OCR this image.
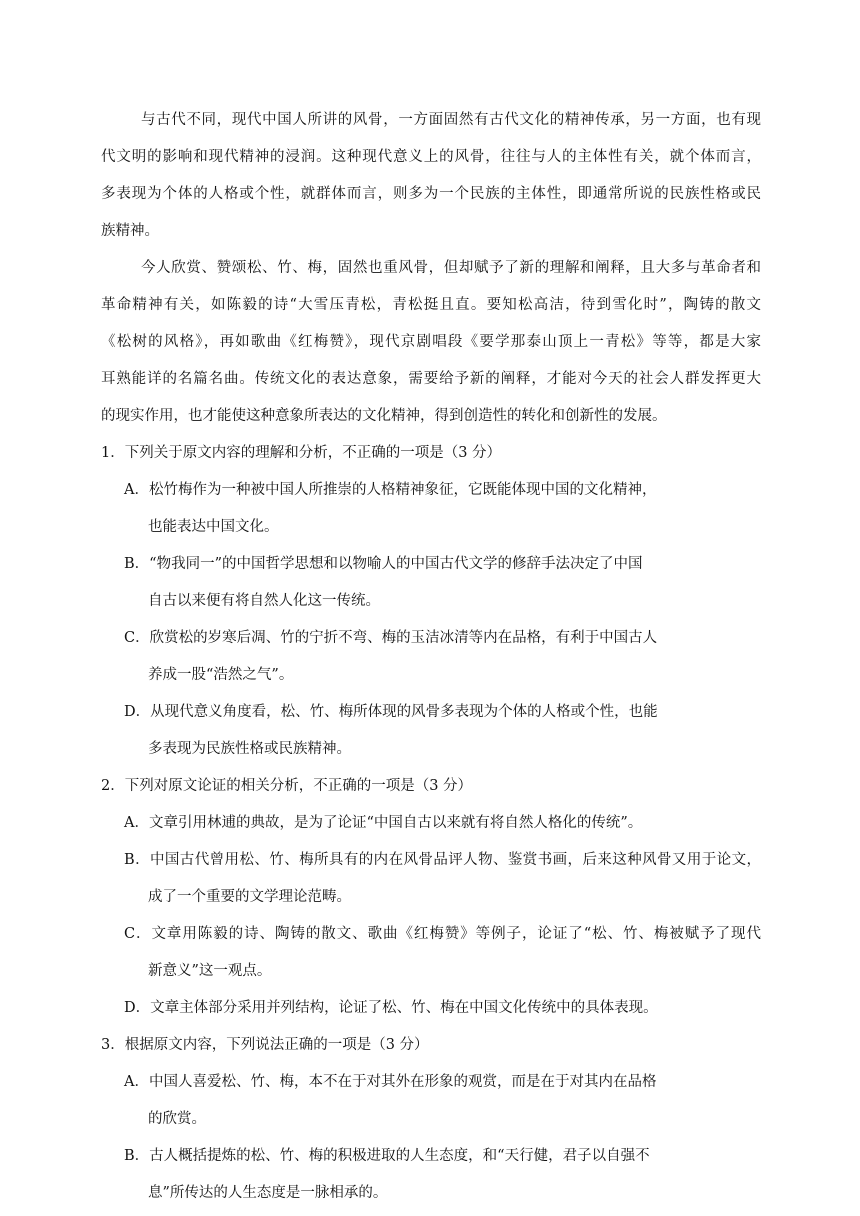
与古代不同，现代中国人所讲的风骨，一方面固然有古代文化的精神传承，另一方面，也有现
代文明的影响和现代精神的浸润。这种现代意义上的风骨，往往与人的主体性有关，就个体而言，
多表现为个体的人格或个性，就群体而言，则多为一个民族的主体性，即通常所说的民族性格或民
族精神。
今人欣赏、赞颂松、竹、梅，固然也重风骨，但却赋予了新的理解和阐释，且大多与革命者和
革命精神有关，如陈毅的诗“大雪压青松，青松挺且直。要知松高洁，待到雪化时”，陶铸的散文
《松树的风格》，再如歌曲《红梅赞》，现代京剧唱段《要学那泰山顶上一青松》等等，都是大家
耳熟能详的名篇名曲。传统文化的表达意象，需要给予新的阐释，才能对今天的社会人群发挥更大
的现实作用，也才能使这种意象所表达的文化精神，得到创造性的转化和创新性的发展。
1．下列关于原文内容的理解和分析，不正确的一项是（3 分）
A．松竹梅作为一种被中国人所推崇的人格精神象征，它既能体现中国的文化精神，
也能表达中国文化。
B．“物我同一”的中国哲学思想和以物喻人的中国古代文学的修辞手法决定了中国
自古以来便有将自然人化这一传统。
C．欣赏松的岁寒后凋、竹的宁折不弯、梅的玉洁冰清等内在品格，有利于中国古人
养成一股“浩然之气”。
D．从现代意义角度看，松、竹、梅所体现的风骨多表现为个体的人格或个性，也能
多表现为民族性格或民族精神。
2．下列对原文论证的相关分析，不正确的一项是（3 分）
A．文章引用林逋的典故，是为了论证“中国自古以来就有将自然人格化的传统”。
B．中国古代曾用松、竹、梅所具有的内在风骨品评人物、鉴赏书画，后来这种风骨又用于论文，
成了一个重要的文学理论范畴。
C．文章用陈毅的诗、陶铸的散文、歌曲《红梅赞》等例子，论证了“松、竹、梅被赋予了现代
新意义”这一观点。
D．文章主体部分采用并列结构，论证了松、竹、梅在中国文化传统中的具体表现。
3．根据原文内容，下列说法正确的一项是（3 分）
A．中国人喜爱松、竹、梅，本不在于对其外在形象的观赏，而是在于对其内在品格
的欣赏。
B．古人概括提炼的松、竹、梅的积极进取的人生态度，和“天行健，君子以自强不
息”所传达的人生态度是一脉相承的。
